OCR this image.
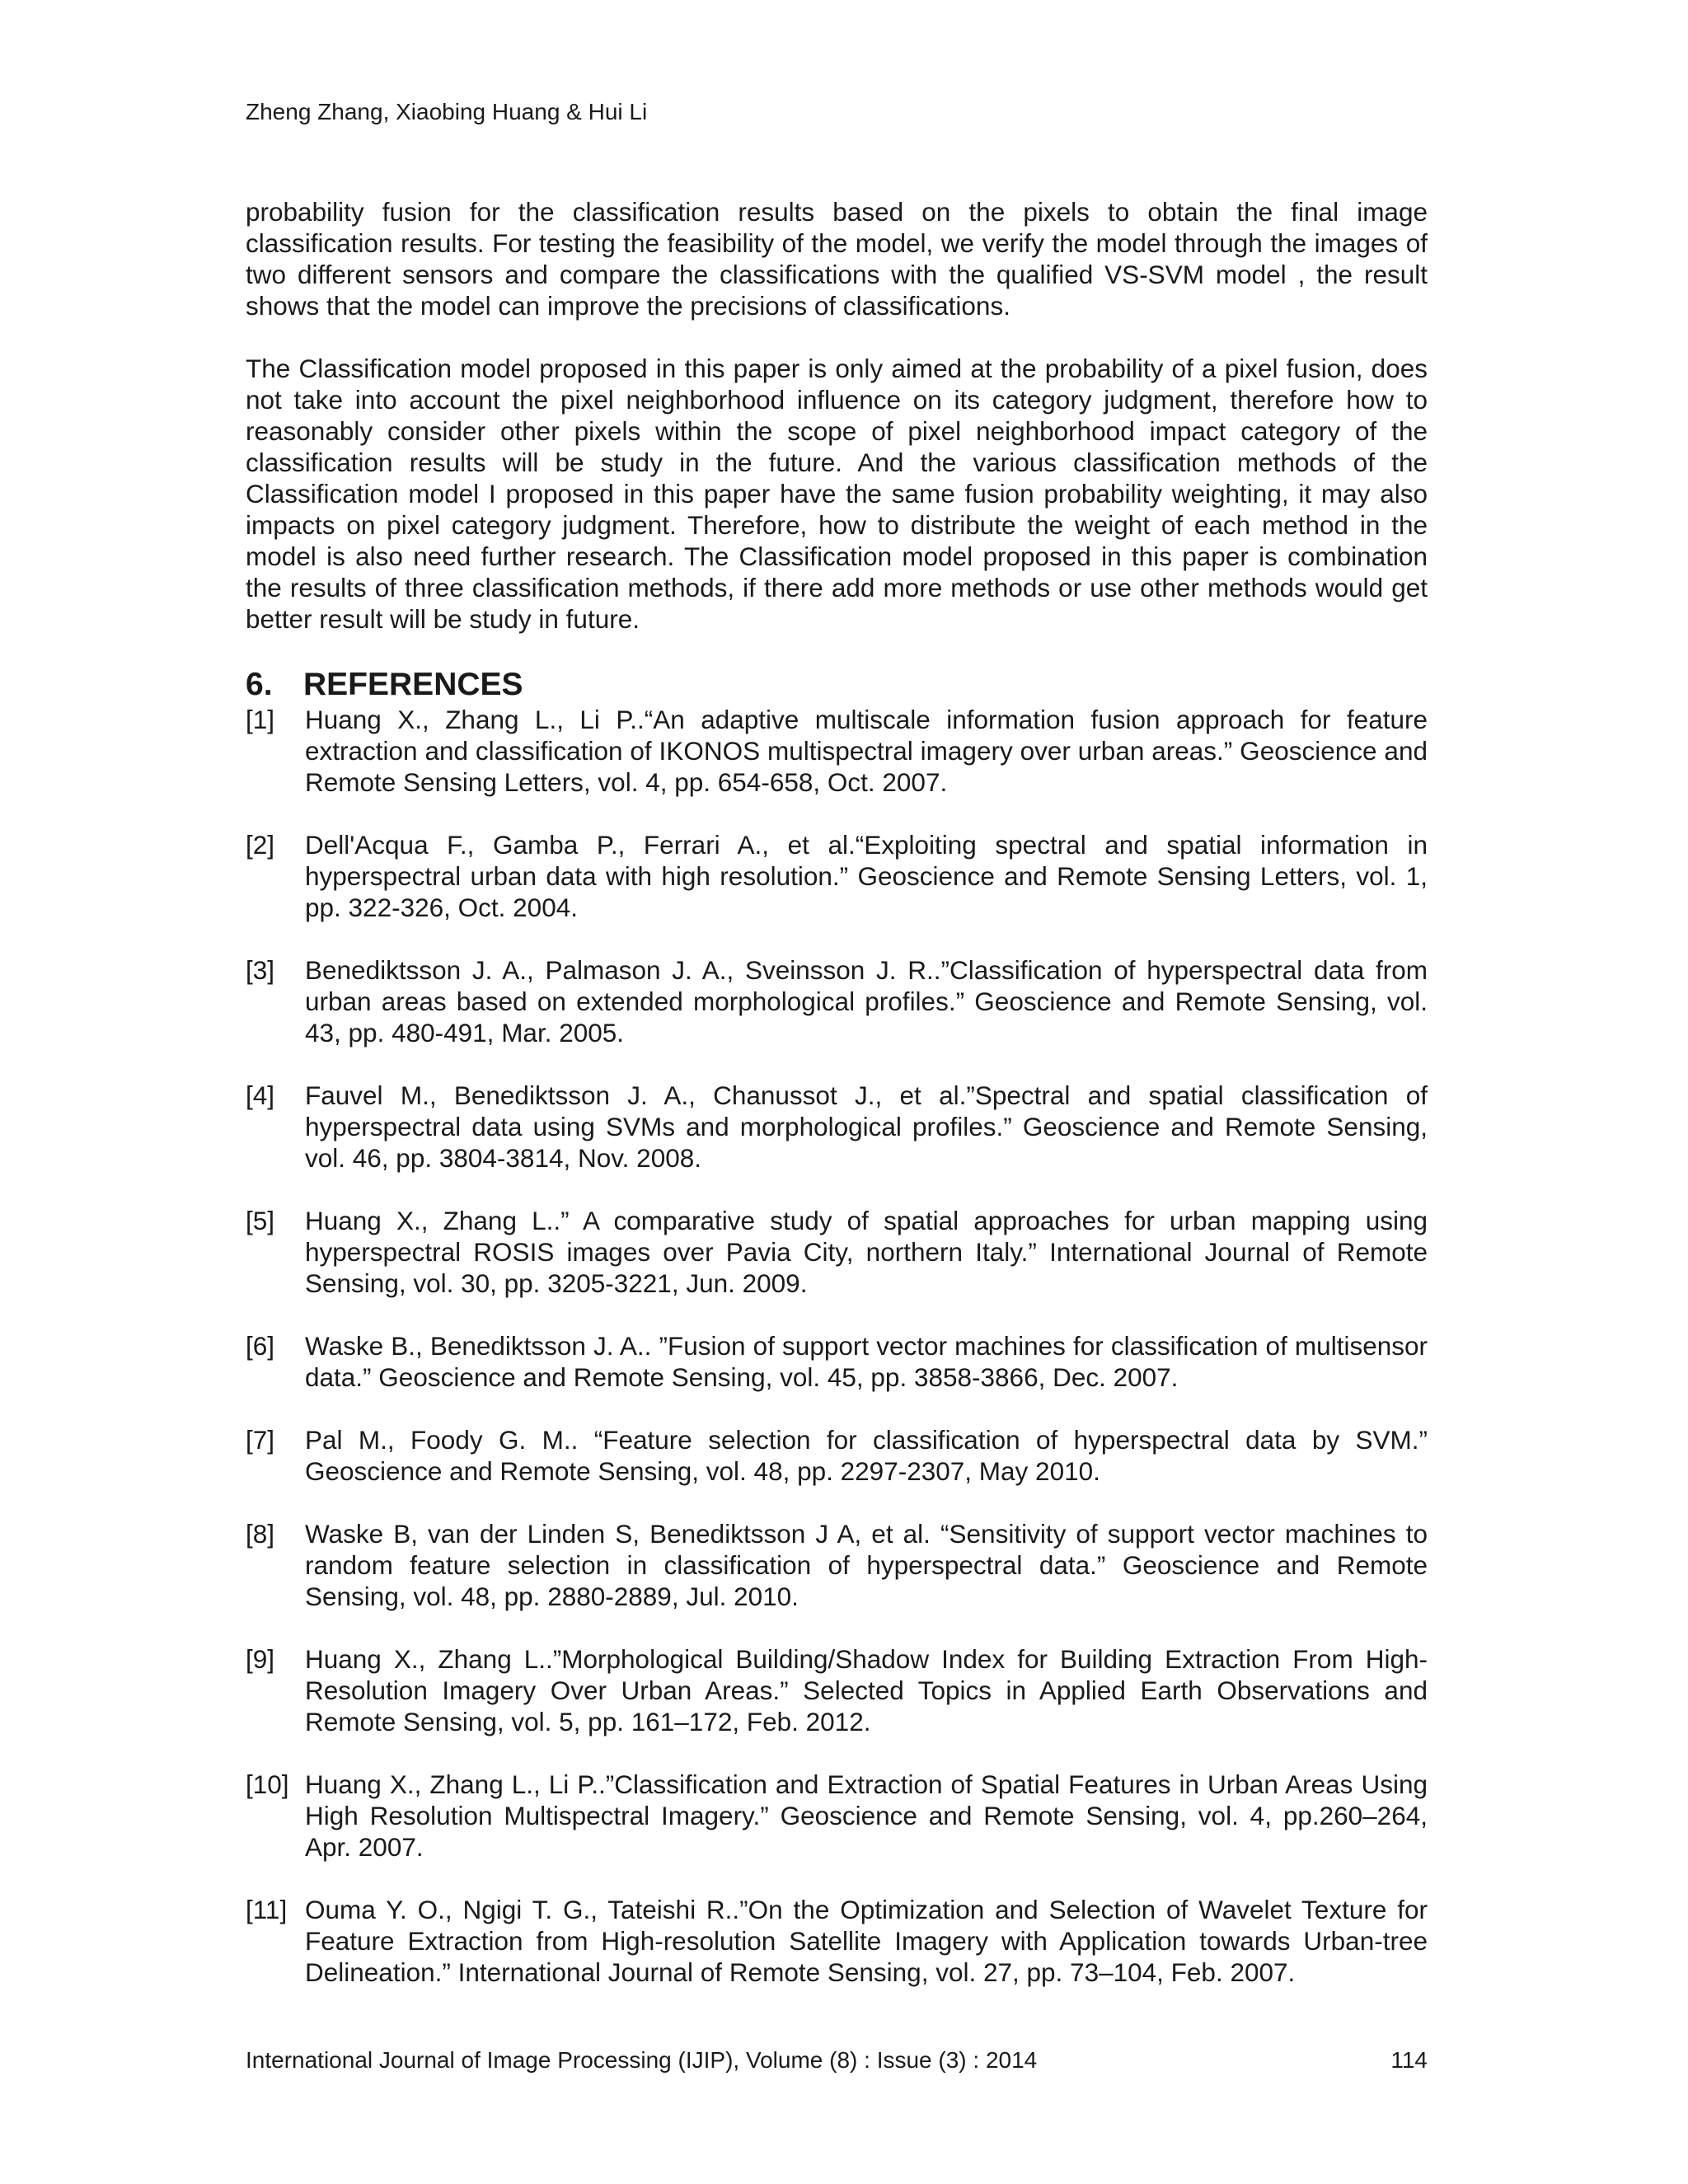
Zheng Zhang, Xiaobing Huang & Hui Li

probability fusion for the classification results based on the pixels to obtain the final image classification results. For testing the feasibility of the model, we verify the model through the images of two different sensors and compare the classifications with the qualified VS-SVM model , the result shows that the model can improve the precisions of classifications.

The Classification model proposed in this paper is only aimed at the probability of a pixel fusion, does not take into account the pixel neighborhood influence on its category judgment, therefore how to reasonably consider other pixels within the scope of pixel neighborhood impact category of the classification results will be study in the future. And the various classification methods of the Classification model I proposed in this paper have the same fusion probability weighting, it may also impacts on pixel category judgment. Therefore, how to distribute the weight of each method in the model is also need further research. The Classification model proposed in this paper is combination the results of three classification methods, if there add more methods or use other methods would get better result will be study in future.

6. REFERENCES
[1] Huang X., Zhang L., Li P..“An adaptive multiscale information fusion approach for feature extraction and classification of IKONOS multispectral imagery over urban areas.” Geoscience and Remote Sensing Letters, vol. 4, pp. 654-658, Oct. 2007.
[2] Dell'Acqua F., Gamba P., Ferrari A., et al.“Exploiting spectral and spatial information in hyperspectral urban data with high resolution.” Geoscience and Remote Sensing Letters, vol. 1, pp. 322-326, Oct. 2004.
[3] Benediktsson J. A., Palmason J. A., Sveinsson J. R..”Classification of hyperspectral data from urban areas based on extended morphological profiles.” Geoscience and Remote Sensing, vol. 43, pp. 480-491, Mar. 2005.
[4] Fauvel M., Benediktsson J. A., Chanussot J., et al.”Spectral and spatial classification of hyperspectral data using SVMs and morphological profiles.” Geoscience and Remote Sensing, vol. 46, pp. 3804-3814, Nov. 2008.
[5] Huang X., Zhang L..” A comparative study of spatial approaches for urban mapping using hyperspectral ROSIS images over Pavia City, northern Italy.” International Journal of Remote Sensing, vol. 30, pp. 3205-3221, Jun. 2009.
[6] Waske B., Benediktsson J. A.. ”Fusion of support vector machines for classification of multisensor data.” Geoscience and Remote Sensing, vol. 45, pp. 3858-3866, Dec. 2007.
[7] Pal M., Foody G. M.. “Feature selection for classification of hyperspectral data by SVM.” Geoscience and Remote Sensing, vol. 48, pp. 2297-2307, May 2010.
[8] Waske B, van der Linden S, Benediktsson J A, et al. “Sensitivity of support vector machines to random feature selection in classification of hyperspectral data.” Geoscience and Remote Sensing, vol. 48, pp. 2880-2889, Jul. 2010.
[9] Huang X., Zhang L..”Morphological Building/Shadow Index for Building Extraction From High-Resolution Imagery Over Urban Areas.” Selected Topics in Applied Earth Observations and Remote Sensing, vol. 5, pp. 161–172, Feb. 2012.
[10] Huang X., Zhang L., Li P..”Classification and Extraction of Spatial Features in Urban Areas Using High Resolution Multispectral Imagery.” Geoscience and Remote Sensing, vol. 4, pp.260–264, Apr. 2007.
[11] Ouma Y. O., Ngigi T. G., Tateishi R..”On the Optimization and Selection of Wavelet Texture for Feature Extraction from High-resolution Satellite Imagery with Application towards Urban-tree Delineation.” International Journal of Remote Sensing, vol. 27, pp. 73–104, Feb. 2007.
International Journal of Image Processing (IJIP), Volume (8) : Issue (3) : 2014	114
